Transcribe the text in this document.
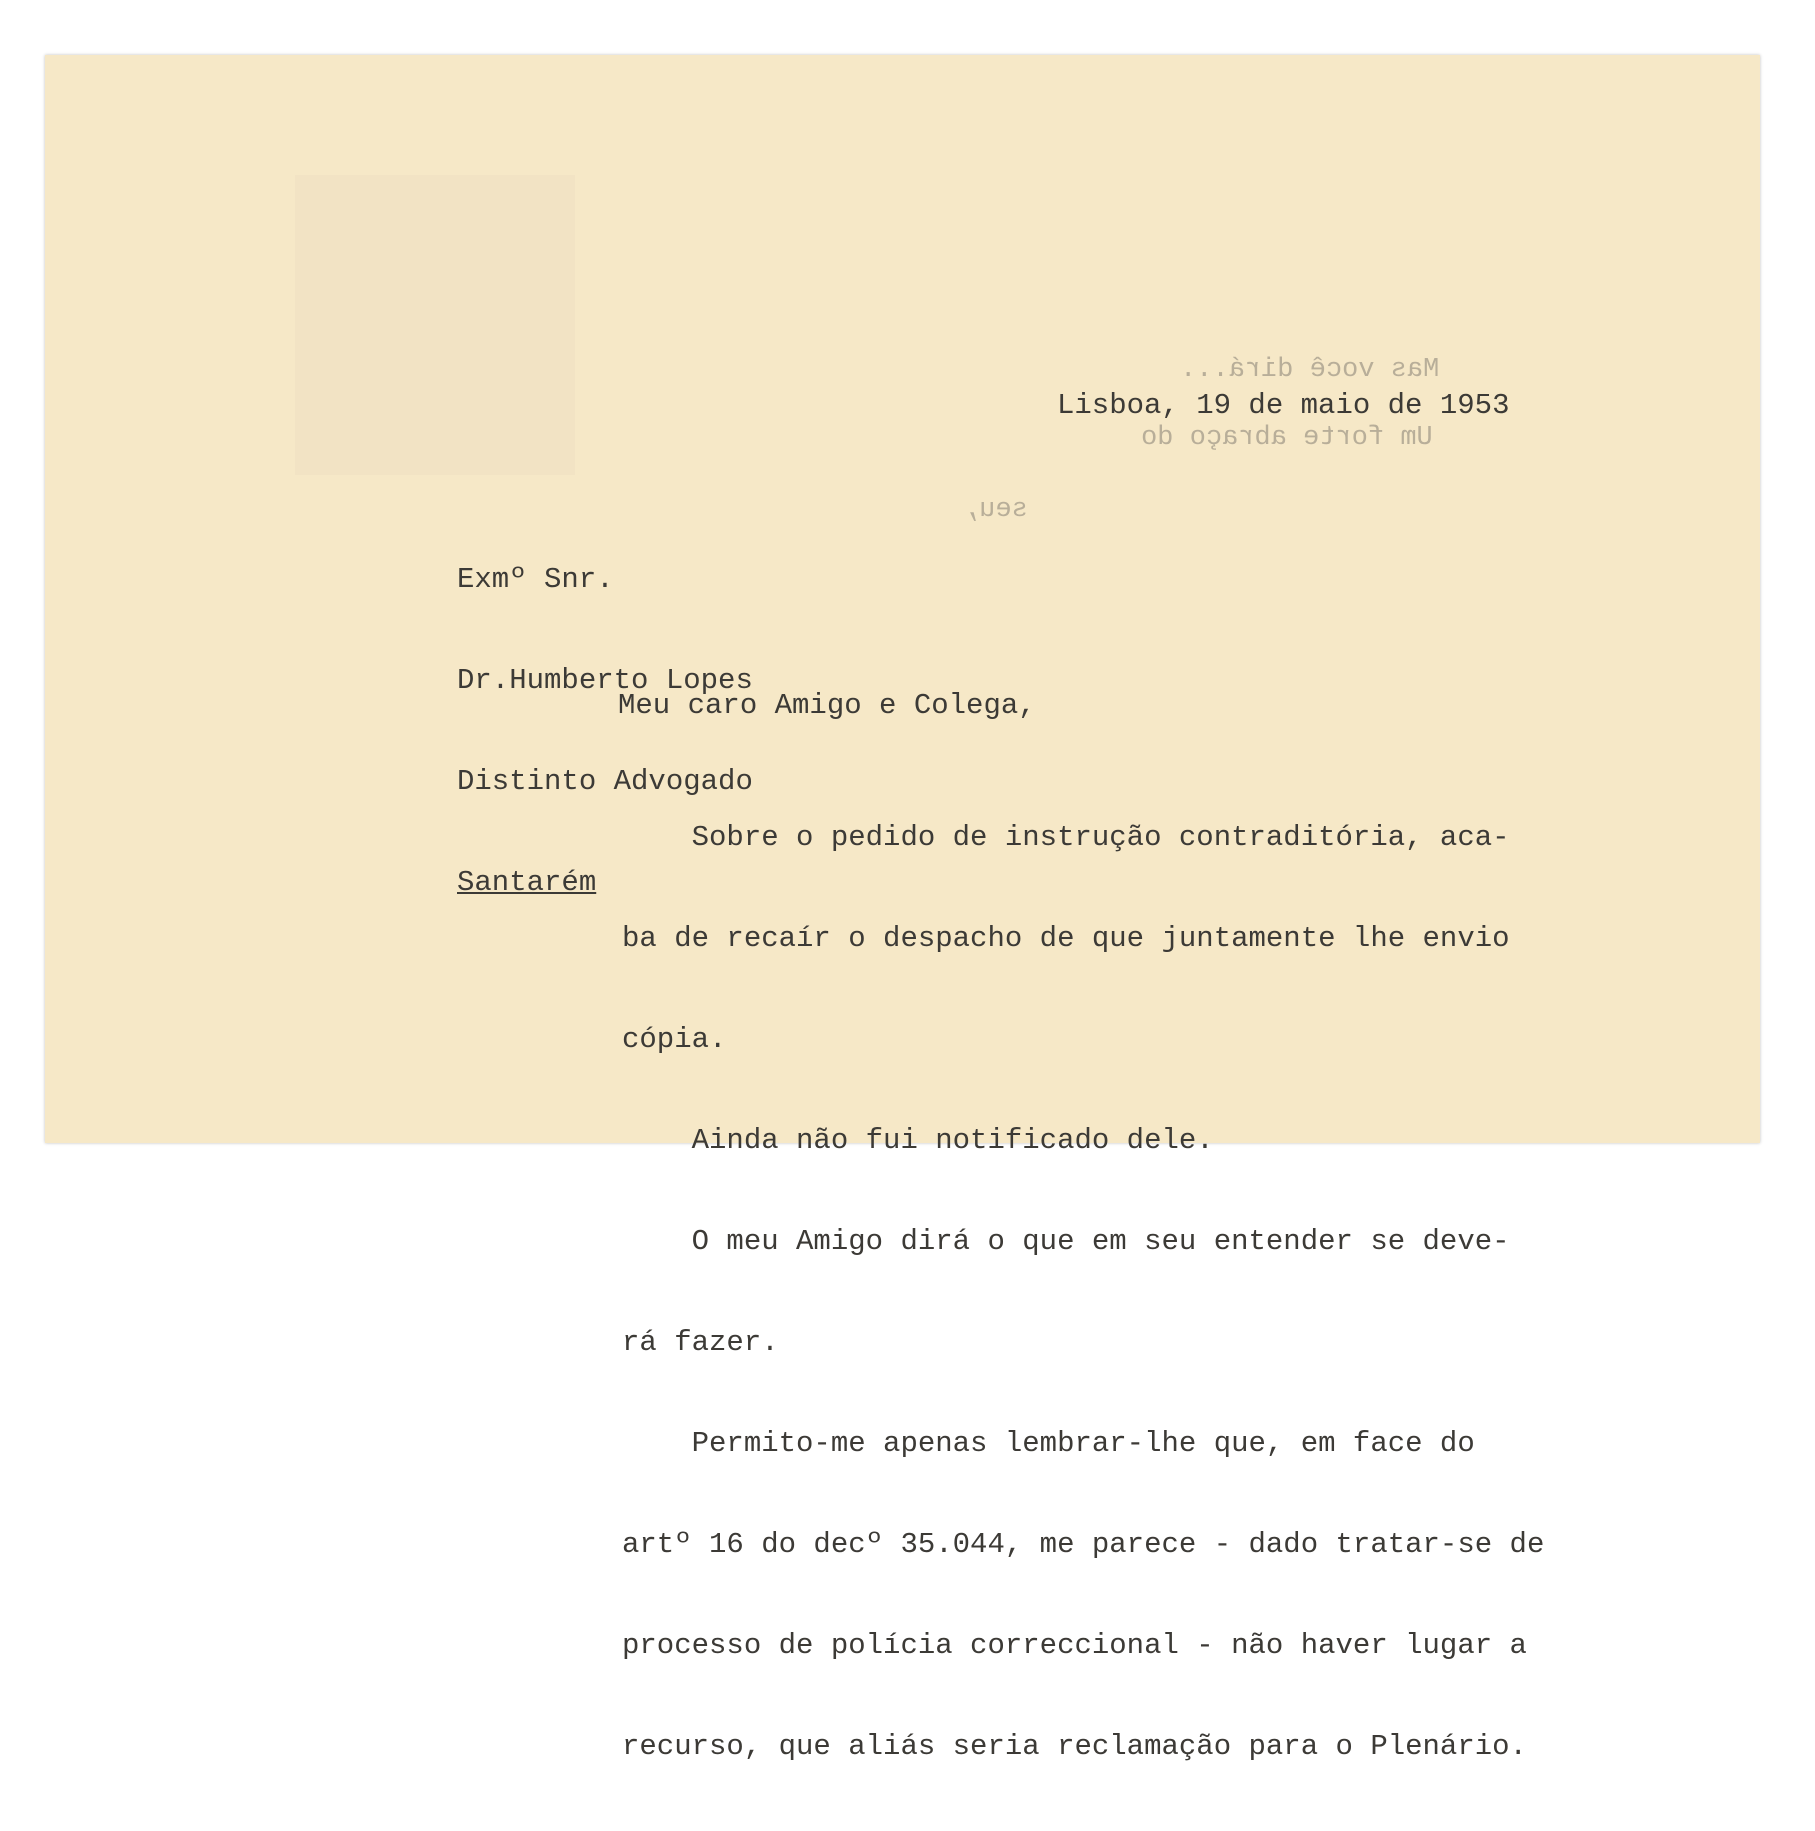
Mas você dirá...
Um forte abraço do
seu,
Lisboa, 19 de maio de 1953

Exmº Snr.

Dr.Humberto Lopes

Distinto Advogado

Santarém

Meu caro Amigo e Colega,

Sobre o pedido de instrução contraditória, aca-

ba de recaír o despacho de que juntamente lhe envio

cópia.

Ainda não fui notificado dele.

O meu Amigo dirá o que em seu entender se deve-

rá fazer.

Permito-me apenas lembrar-lhe que, em face do

artº 16 do decº 35.044, me parece - dado tratar-se de

processo de polícia correccional - não haver lugar a

recurso, que aliás seria reclamação para o Plenário.
